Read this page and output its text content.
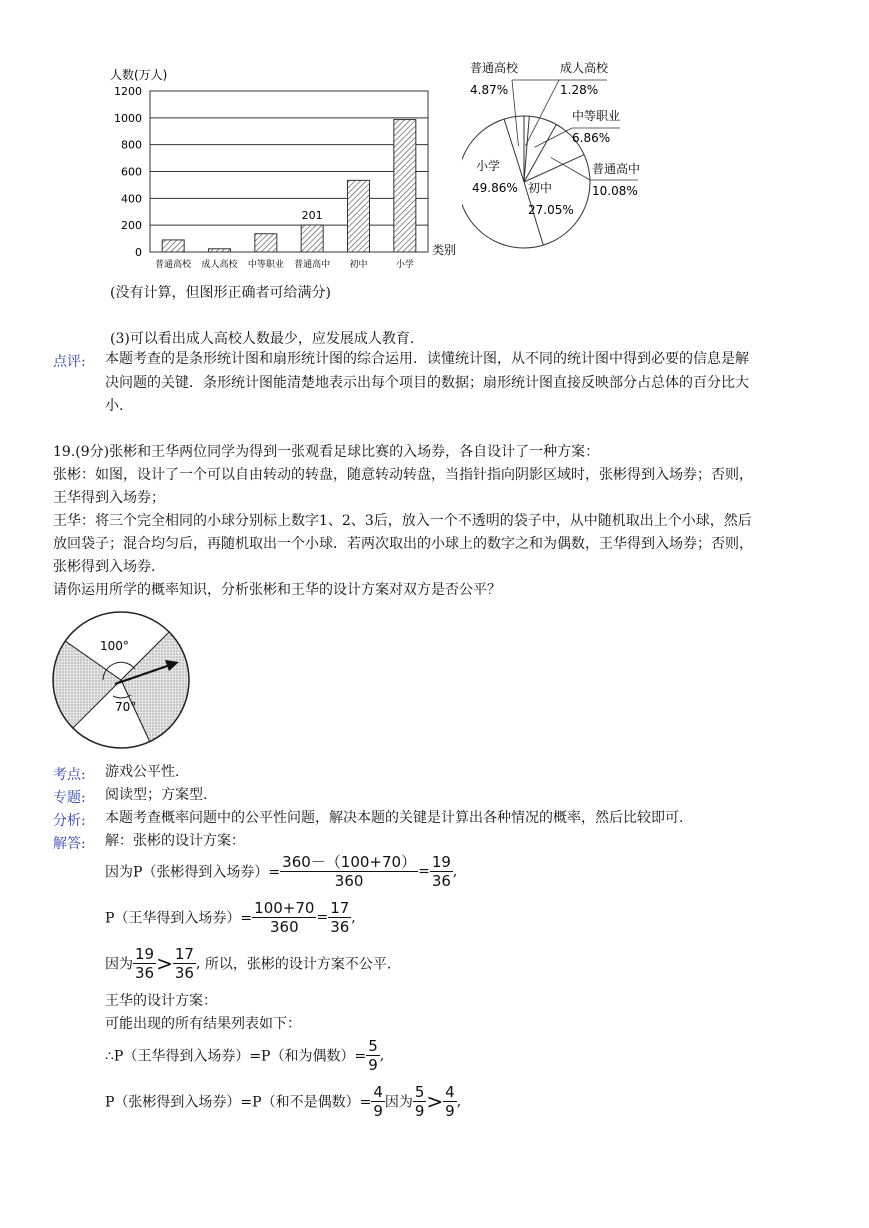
1200
1000
800
600
400
200
0
人数(万人)
类别
普通高校 成人高校 中等职业 普通高中
201
初中	小学
普通高校
4.87%
成人高校
1.28%
中等职业
6.86%
普通高中
10.08%
初中
27.05%
小学
49.86%
(没有计算，但图形正确者可给满分)
(3)可以看出成人高校人数最少，应发展成人教育.
点评: 本题考查的是条形统计图和扇形统计图的综合运用．读懂统计图，从不同的统计图中得到必要的信息是解
决问题的关键．条形统计图能清楚地表示出每个项目的数据；扇形统计图直接反映部分占总体的百分比大
小.
19.(9分)张彬和王华两位同学为得到一张观看足球比赛的入场券，各自设计了一种方案：
张彬：如图，设计了一个可以自由转动的转盘，随意转动转盘，当指针指向阴影区域时，张彬得到入场券；否则，
王华得到入场券；
王华：将三个完全相同的小球分别标上数字1、2、3后，放入一个不透明的袋子中，从中随机取出上个小球，然后
放回袋子；混合均匀后，再随机取出一个小球．若两次取出的小球上的数字之和为偶数，王华得到入场券；否则，
张彬得到入场券.
请你运用所学的概率知识，分析张彬和王华的设计方案对双方是否公平？
100°
70°
考点: 游戏公平性.
专题: 阅读型；方案型.
分析: 本题考查概率问题中的公平性问题，解决本题的关键是计算出各种情况的概率，然后比较即可.
解答: 解：张彬的设计方案：
因为P（张彬得到入场券）= $\frac{360-(100+70)}{360} = \frac{19}{36}$ ,
P（王华得到入场券）= $\frac{100+70}{360} = \frac{17}{36}$ ,
因为 $\frac{19}{36} > \frac{17}{36}$ , 所以，张彬的设计方案不公平.
王华的设计方案：
可能出现的所有结果列表如下：
∴P（王华得到入场券）=P（和为偶数）= $\frac{5}{9}$ ,
P（张彬得到入场券）=P（和不是偶数）= $\frac{4}{9}$ 因为 $\frac{5}{9} > \frac{4}{9}$ ,
